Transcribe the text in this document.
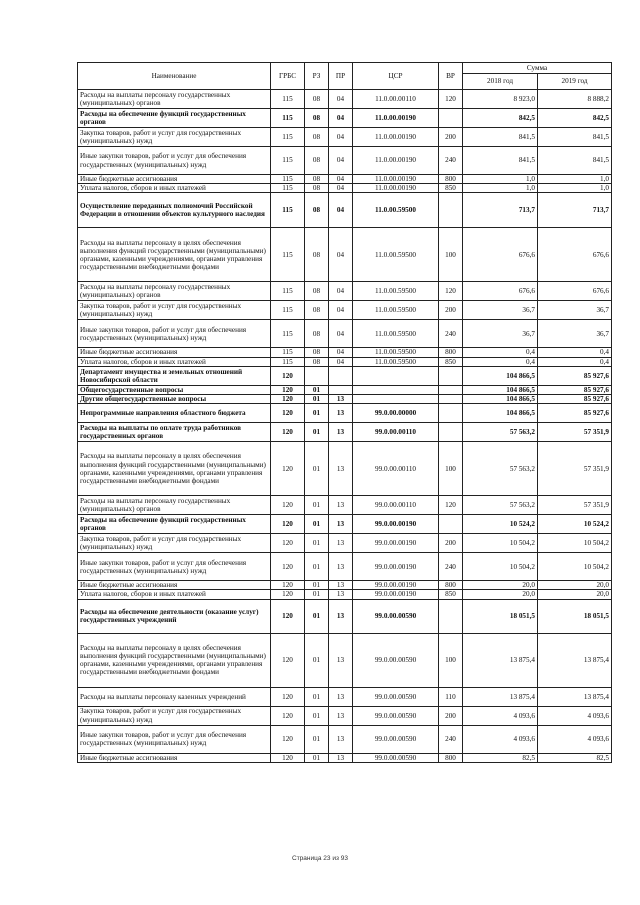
Наименование	ГРБС	РЗ	ПР	ЦСР	ВР	Сумма	
						2018 год	2019 год
Расходы на выплаты персоналу государственных (муниципальных) органов	115	08	04	11.0.00.00110	120	8 923,0	8 888,2
Расходы на обеспечение функций государственных органов	115	08	04	11.0.00.00190		842,5	842,5
Закупка товаров, работ и услуг для государственных (муниципальных) нужд	115	08	04	11.0.00.00190	200	841,5	841,5
Иные закупки товаров, работ и услуг для обеспечения государственных (муниципальных) нужд	115	08	04	11.0.00.00190	240	841,5	841,5
Иные бюджетные ассигнования	115	08	04	11.0.00.00190	800	1,0	1,0
Уплата налогов, сборов и иных платежей	115	08	04	11.0.00.00190	850	1,0	1,0
Осуществление переданных полномочий Российской Федерации в отношении объектов культурного наследия	115	08	04	11.0.00.59500		713,7	713,7
Расходы на выплаты персоналу в целях обеспечения выполнения функций государственными (муниципальными) органами, казенными учреждениями, органами управления государственными внебюджетными фондами	115	08	04	11.0.00.59500	100	676,6	676,6
Расходы на выплаты персоналу государственных (муниципальных) органов	115	08	04	11.0.00.59500	120	676,6	676,6
Закупка товаров, работ и услуг для государственных (муниципальных) нужд	115	08	04	11.0.00.59500	200	36,7	36,7
Иные закупки товаров, работ и услуг для обеспечения государственных (муниципальных) нужд	115	08	04	11.0.00.59500	240	36,7	36,7
Иные бюджетные ассигнования	115	08	04	11.0.00.59500	800	0,4	0,4
Уплата налогов, сборов и иных платежей	115	08	04	11.0.00.59500	850	0,4	0,4
Департамент имущества и земельных отношений Новосибирской области	120					104 866,5	85 927,6
Общегосударственные вопросы	120	01				104 866,5	85 927,6
Другие общегосударственные вопросы	120	01	13			104 866,5	85 927,6
Непрограммные направления областного бюджета	120	01	13	99.0.00.00000		104 866,5	85 927,6
Расходы на выплаты по оплате труда работников государственных органов	120	01	13	99.0.00.00110		57 563,2	57 351,9
Расходы на выплаты персоналу в целях обеспечения выполнения функций государственными (муниципальными) органами, казенными учреждениями, органами управления государственными внебюджетными фондами	120	01	13	99.0.00.00110	100	57 563,2	57 351,9
Расходы на выплаты персоналу государственных (муниципальных) органов	120	01	13	99.0.00.00110	120	57 563,2	57 351,9
Расходы на обеспечение функций государственных органов	120	01	13	99.0.00.00190		10 524,2	10 524,2
Закупка товаров, работ и услуг для государственных (муниципальных) нужд	120	01	13	99.0.00.00190	200	10 504,2	10 504,2
Иные закупки товаров, работ и услуг для обеспечения государственных (муниципальных) нужд	120	01	13	99.0.00.00190	240	10 504,2	10 504,2
Иные бюджетные ассигнования	120	01	13	99.0.00.00190	800	20,0	20,0
Уплата налогов, сборов и иных платежей	120	01	13	99.0.00.00190	850	20,0	20,0
Расходы на обеспечение деятельности (оказание услуг) государственных учреждений	120	01	13	99.0.00.00590		18 051,5	18 051,5
Расходы на выплаты персоналу в целях обеспечения выполнения функций государственными (муниципальными) органами, казенными учреждениями, органами управления государственными внебюджетными фондами	120	01	13	99.0.00.00590	100	13 875,4	13 875,4
Расходы на выплаты персоналу казенных учреждений	120	01	13	99.0.00.00590	110	13 875,4	13 875,4
Закупка товаров, работ и услуг для государственных (муниципальных) нужд	120	01	13	99.0.00.00590	200	4 093,6	4 093,6
Иные закупки товаров, работ и услуг для обеспечения государственных (муниципальных) нужд	120	01	13	99.0.00.00590	240	4 093,6	4 093,6
Иные бюджетные ассигнования	120	01	13	99.0.00.00590	800	82,5	82,5
Страница 23 из 93
